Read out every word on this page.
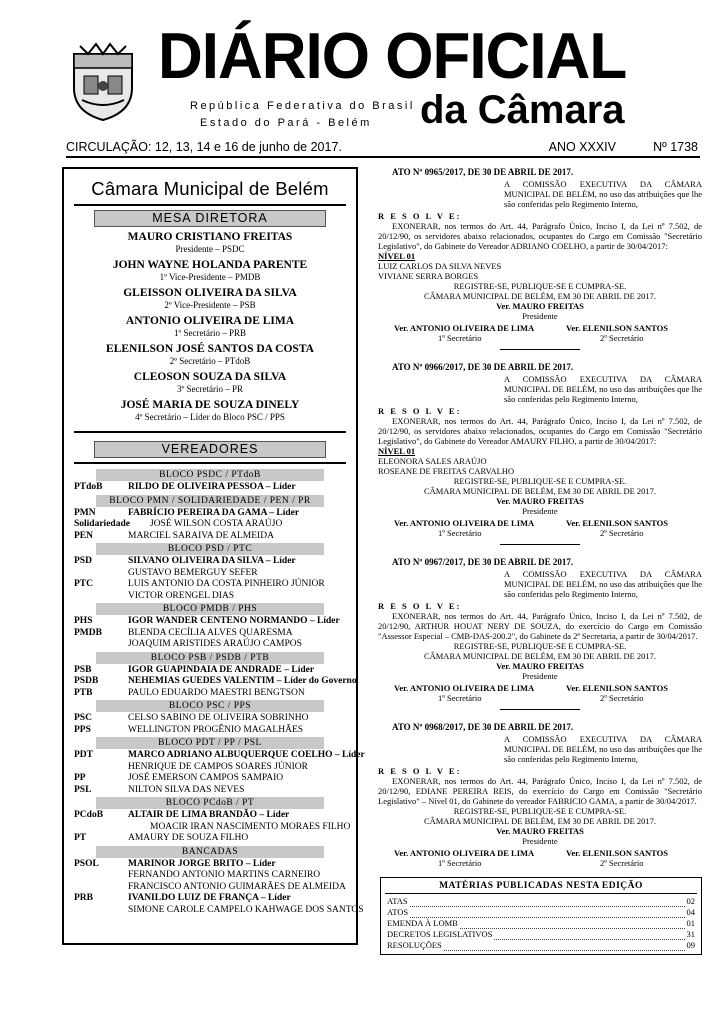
DIÁRIO OFICIAL
República Federativa do Brasil
Estado do Pará - Belém da Câmara
CIRCULAÇÃO: 12, 13, 14 e 16 de junho de 2017.	ANO XXXIV	Nº 1738
Câmara Municipal de Belém
MESA DIRETORA
MAURO CRISTIANO FREITAS
Presidente – PSDC
JOHN WAYNE HOLANDA PARENTE
1º Vice-Presidente – PMDB
GLEISSON OLIVEIRA DA SILVA
2º Vice-Presidente – PSB
ANTONIO OLIVEIRA DE LIMA
1º Secretário – PRB
ELENILSON JOSÉ SANTOS DA COSTA
2º Secretário – PTdoB
CLEOSON SOUZA DA SILVA
3º Secretário – PR
JOSÉ MARIA DE SOUZA DINELY
4º Secretário – Líder do Bloco PSC / PPS
VEREADORES
BLOCO PSDC / PTdoB
PTdoB	RILDO DE OLIVEIRA PESSOA – Líder
BLOCO PMN / SOLIDARIEDADE / PEN / PR
PMN	FABRÍCIO PEREIRA DA GAMA – Líder
Solidariedade JOSÉ WILSON COSTA ARAÚJO
PEN	MARCIEL SARAIVA DE ALMEIDA
BLOCO PSD / PTC
PSD	SILVANO OLIVEIRA DA SILVA – Líder
GUSTAVO BEMERGUY SEFER
PTC	LUIS ANTONIO DA COSTA PINHEIRO JÚNIOR
VICTOR ORENGEL DIAS
BLOCO PMDB / PHS
PHS	IGOR WANDER CENTENO NORMANDO – Líder
PMDB	BLENDA CECÍLIA ALVES QUARESMA
JOAQUIM ARISTIDES ARAÚJO CAMPOS
BLOCO PSB / PSDB / PTB
PSB	IGOR GUAPINDAIA DE ANDRADE – Líder
PSDB	NEHEMIAS GUEDES VALENTIM – Líder do Governo
PTB	PAULO EDUARDO MAESTRI BENGTSON
BLOCO PSC / PPS
PSC	CELSO SABINO DE OLIVEIRA SOBRINHO
PPS	WELLINGTON PROGÊNIO MAGALHÃES
BLOCO PDT / PP / PSL
PDT	MARCO ADRIANO ALBUQUERQUE COELHO – Líder
HENRIQUE DE CAMPOS SOARES JÚNIOR
PP	JOSÉ EMERSON CAMPOS SAMPAIO
PSL	NILTON SILVA DAS NEVES
BLOCO PCdoB / PT
PCdoB	ALTAIR DE LIMA BRANDÃO – Líder
MOACIR IRAN NASCIMENTO MORAES FILHO
PT	AMAURY DE SOUZA FILHO
BANCADAS
PSOL	MARINOR JORGE BRITO – Líder
FERNANDO ANTONIO MARTINS CARNEIRO
FRANCISCO ANTONIO GUIMARÃES DE ALMEIDA
PRB	IVANILDO LUIZ DE FRANÇA – Líder
SIMONE CAROLE CAMPELO KAHWAGE DOS SANTOS
ATO Nº 0965/2017, DE 30 DE ABRIL DE 2017.
A COMISSÃO EXECUTIVA DA CÂMARA MUNICIPAL DE BELÉM, no uso das atribuições que lhe são conferidas pelo Regimento Interno,
R E S O L V E:
EXONERAR, nos termos do Art. 44, Parágrafo Único, Inciso I, da Lei nº 7.502, de 20/12/90, os servidores abaixo relacionados, ocupantes do Cargo em Comissão "Secretário Legislativo", do Gabinete do Vereador ADRIANO COELHO, a partir de 30/04/2017:
NÍVEL 01
LUIZ CARLOS DA SILVA NEVES
VIVIANE SERRA BORGES
REGISTRE-SE, PUBLIQUE-SE E CUMPRA-SE.
CÂMARA MUNICIPAL DE BELÉM, EM 30 DE ABRIL DE 2017.
Ver. MAURO FREITAS
Presidente
Ver. ANTONIO OLIVEIRA DE LIMA	Ver. ELENILSON SANTOS
1º Secretário	2º Secretário
ATO Nº 0966/2017, DE 30 DE ABRIL DE 2017.
A COMISSÃO EXECUTIVA DA CÂMARA MUNICIPAL DE BELÉM, no uso das atribuições que lhe são conferidas pelo Regimento Interno,
R E S O L V E:
EXONERAR, nos termos do Art. 44, Parágrafo Único, Inciso I, da Lei nº 7.502, de 20/12/90, os servidores abaixo relacionados, ocupantes do Cargo em Comissão "Secretário Legislativo", do Gabinete do Vereador AMAURY FILHO, a partir de 30/04/2017:
NÍVEL 01
ELEONORA SALES ARAÚJO
ROSEANE DE FREITAS CARVALHO
REGISTRE-SE, PUBLIQUE-SE E CUMPRA-SE.
CÂMARA MUNICIPAL DE BELÉM, EM 30 DE ABRIL DE 2017.
Ver. MAURO FREITAS
Presidente
Ver. ANTONIO OLIVEIRA DE LIMA	Ver. ELENILSON SANTOS
1º Secretário	2º Secretário
ATO Nº 0967/2017, DE 30 DE ABRIL DE 2017.
A COMISSÃO EXECUTIVA DA CÂMARA MUNICIPAL DE BELÉM, no uso das atribuições que lhe são conferidas pelo Regimento Interno,
R E S O L V E:
EXONERAR, nos termos do Art. 44, Parágrafo Único, Inciso I, da Lei nº 7.502, de 20/12/90, ARTHUR HOUAT NERY DE SOUZA, do exercício do Cargo em Comissão "Assessor Especial – CMB-DAS-200.2", do Gabinete da 2ª Secretaria, a partir de 30/04/2017.
REGISTRE-SE, PUBLIQUE-SE E CUMPRA-SE.
CÂMARA MUNICIPAL DE BELÉM, EM 30 DE ABRIL DE 2017.
Ver. MAURO FREITAS
Presidente
Ver. ANTONIO OLIVEIRA DE LIMA	Ver. ELENILSON SANTOS
1º Secretário	2º Secretário
ATO Nº 0968/2017, DE 30 DE ABRIL DE 2017.
A COMISSÃO EXECUTIVA DA CÂMARA MUNICIPAL DE BELÉM, no uso das atribuições que lhe são conferidas pelo Regimento Interno,
R E S O L V E:
EXONERAR, nos termos do Art. 44, Parágrafo Único, Inciso I, da Lei nº 7.502, de 20/12/90, EDIANE PEREIRA REIS, do exercício do Cargo em Comissão "Secretário Legislativo" – Nível 01, do Gabinete do vereador FABRICIO GAMA, a partir de 30/04/2017.
REGISTRE-SE, PUBLIQUE-SE E CUMPRA-SE.
CÂMARA MUNICIPAL DE BELÉM, EM 30 DE ABRIL DE 2017.
Ver. MAURO FREITAS
Presidente
Ver. ANTONIO OLIVEIRA DE LIMA	Ver. ELENILSON SANTOS
1º Secretário	2º Secretário
MATÉRIAS PUBLICADAS NESTA EDIÇÃO
ATAS	02
ATOS	04
EMENDA À LOMB	01
DECRETOS LEGISLATIVOS	31
RESOLUÇÕES	09
